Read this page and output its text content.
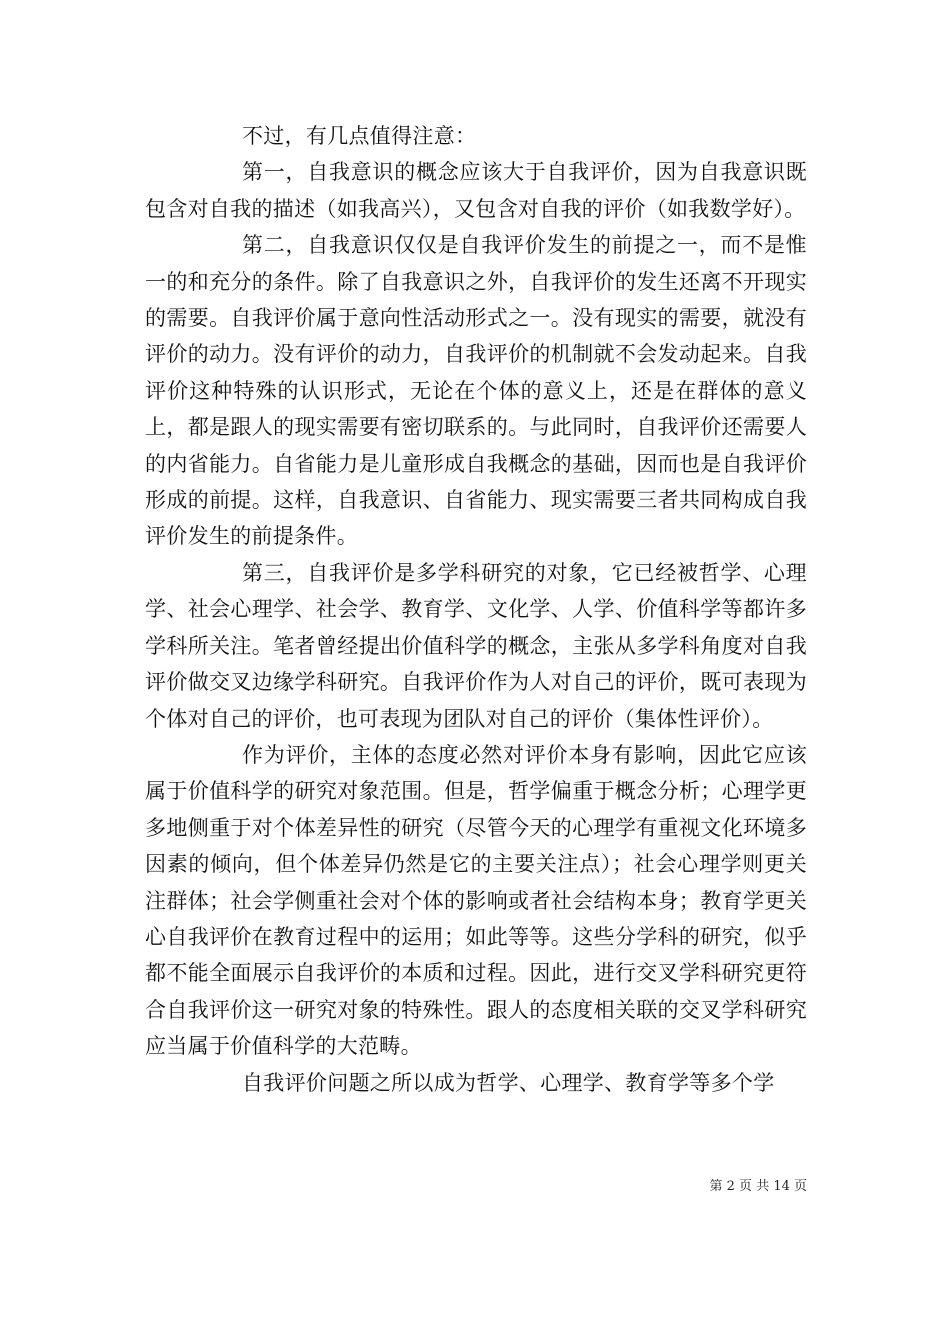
不过，有几点值得注意：

第一，自我意识的概念应该大于自我评价，因为自我意识既包含对自我的描述（如我高兴），又包含对自我的评价（如我数学好）。

第二，自我意识仅仅是自我评价发生的前提之一，而不是惟一的和充分的条件。除了自我意识之外，自我评价的发生还离不开现实的需要。自我评价属于意向性活动形式之一。没有现实的需要，就没有评价的动力。没有评价的动力，自我评价的机制就不会发动起来。自我评价这种特殊的认识形式，无论在个体的意义上，还是在群体的意义上，都是跟人的现实需要有密切联系的。与此同时，自我评价还需要人的内省能力。自省能力是儿童形成自我概念的基础，因而也是自我评价形成的前提。这样，自我意识、自省能力、现实需要三者共同构成自我评价发生的前提条件。

第三，自我评价是多学科研究的对象，它已经被哲学、心理学、社会心理学、社会学、教育学、文化学、人学、价值科学等都许多学科所关注。笔者曾经提出价值科学的概念，主张从多学科角度对自我评价做交叉边缘学科研究。自我评价作为人对自己的评价，既可表现为个体对自己的评价，也可表现为团队对自己的评价（集体性评价）。

作为评价，主体的态度必然对评价本身有影响，因此它应该属于价值科学的研究对象范围。但是，哲学偏重于概念分析；心理学更多地侧重于对个体差异性的研究（尽管今天的心理学有重视文化环境多因素的倾向，但个体差异仍然是它的主要关注点）；社会心理学则更关注群体；社会学侧重社会对个体的影响或者社会结构本身；教育学更关心自我评价在教育过程中的运用；如此等等。这些分学科的研究，似乎都不能全面展示自我评价的本质和过程。因此，进行交叉学科研究更符合自我评价这一研究对象的特殊性。跟人的态度相关联的交叉学科研究应当属于价值科学的大范畴。

自我评价问题之所以成为哲学、心理学、教育学等多个学

第 2 页 共 14 页
